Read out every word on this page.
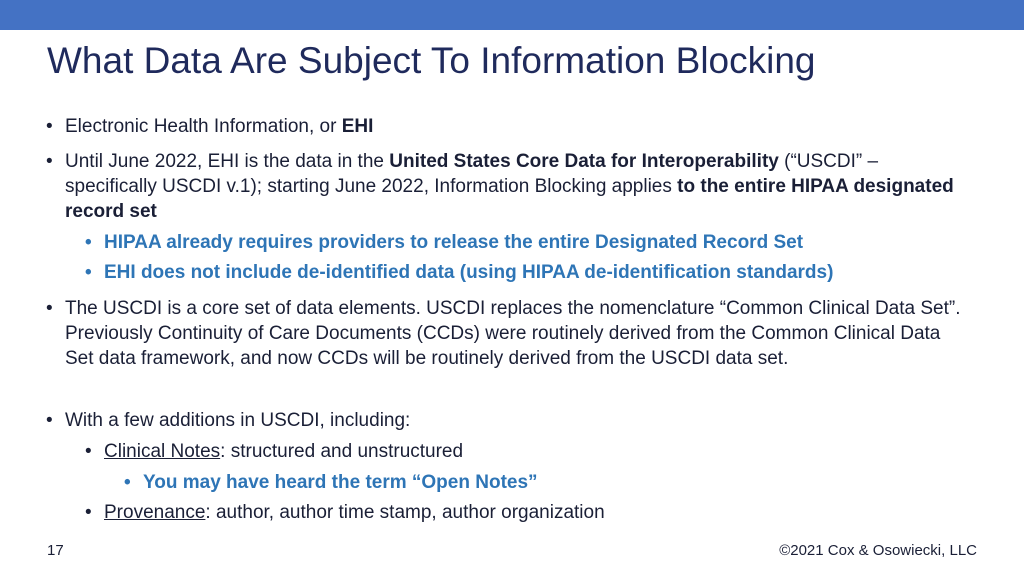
What Data Are Subject To Information Blocking
• Electronic Health Information, or EHI
• Until June 2022, EHI is the data in the United States Core Data for Interoperability (“USCDI” – specifically USCDI v.1); starting June 2022, Information Blocking applies to the entire HIPAA designated record set
• HIPAA already requires providers to release the entire Designated Record Set
• EHI does not include de-identified data (using HIPAA de-identification standards)
• The USCDI is a core set of data elements. USCDI replaces the nomenclature “Common Clinical Data Set”. Previously Continuity of Care Documents (CCDs) were routinely derived from the Common Clinical Data Set data framework, and now CCDs will be routinely derived from the USCDI data set.
• With a few additions in USCDI, including:
• Clinical Notes: structured and unstructured
• You may have heard the term “Open Notes”
• Provenance: author, author time stamp, author organization
17	©2021 Cox & Osowiecki, LLC
